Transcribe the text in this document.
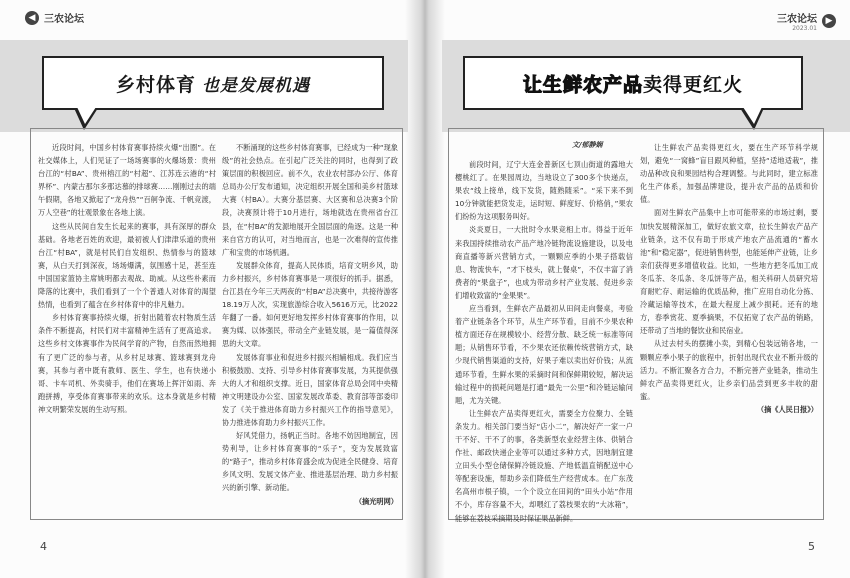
◀ 三农论坛	三农论坛
2023.01
▶
乡村体育 也是发展机遇	让生鲜农产品卖得更红火
文/郁静娴

近段时间，中国乡村体育赛事持续火爆“出圈”。在社交媒体上，人们见证了一场场赛事的火爆场景：贵州台江的“村BA”、贵州榕江的“村超”、江苏连云港的“村界杯”、内蒙古那尔多那达慕的排球赛……刚刚过去的端午假期，各地又掀起了“龙舟热”“百舸争流、千帆竞渡，万人空巷”的壮观景象在各地上演。

这些从民间自发生长起来的赛事，具有深厚的群众基础。各地老百姓的欢迎，最初被人们津津乐道的贵州台江“村BA”，就是村民们自发组织、热情参与的篮球赛，从白天打到深夜，场场爆满，氛围感十足，甚至连中国国家篮协主席姚明都去观战、助威。从这些朴素而降落的比赛中，我们看到了一个个普通人对体育的渴望热情，也看到了蕴含在乡村体育中的非凡魅力。

乡村体育赛事持续火爆，折射出随着农村物质生活条件不断提高，村民们对丰富精神生活有了更高追求。这些乡村文体赛事作为民间学育的产物，自然而然地拥有了更广泛的参与者，从乡村足球赛、篮球赛到龙舟赛，其参与者中既有教师、医生、学生，也有快递小哥、卡车司机、外卖骑手，他们在赛场上挥汗如雨、奔跑拼搏，享受体育赛事带来的欢乐。这本身就是乡村精神文明繁荣发展的生动写照。

不断涌现的这些乡村体育赛事，已经成为一种“现象级”的社会热点。在引起广泛关注的同时，也得到了政策层面的积极回应。前不久，农业农村部办公厅、体育总局办公厅发布通知，决定组织开展全国和美乡村篮球大赛（村BA）。大赛分基层赛、大区赛和总决赛3个阶段，决赛预计将于10月进行，场地就选在贵州省台江县，在“村BA”的发源地展开全国层面的角逐。这是一种来自官方的认可，对当地而言，也是一次难得的宣传推广和宝贵的市场机遇。

发展群众体育，提高人民体质，培育文明乡风，助力乡村振兴，乡村体育赛事是一项很好的抓手。据悉，台江县在今年三天两夜的“村BA”总决赛中，共接待游客18.19万人次，实现旅游综合收入5616万元，比2022年翻了一番。如何更好地发挥乡村体育赛事的作用，以赛为媒、以体强民，带动全产业链发展，是一篇值得深思的大文章。

发展体育事业和促进乡村振兴相辅相成。我们应当积极鼓励、支持、引导乡村体育赛事发展，为其提供强大的人才和组织支撑。近日，国家体育总局会同中央精神文明建设办公室、国家发展改革委、教育部等部委印发了《关于推进体育助力乡村振兴工作的指导意见》，协力推进体育助力乡村振兴工作。

好风凭借力，扬帆正当时。各地不妨因地制宜，因势利导，让乡村体育赛事的“乐子”，变为发展致富的“路子”，推动乡村体育盛会成为促进全民健身、培育乡风文明、发展文体产业、推进基层治理、助力乡村振兴的新引擎、新动能。

（摘光明网）

前段时间，辽宁大连金普新区七顶山街道的露地大樱桃红了。在果园周边，当地设立了300多个快递点，果农“线上接单，线下发货，随熟随采”。“采下来不到10分钟就能把货发走，运时短、鲜度好、价格俏，”果农们纷纷为这项服务叫好。

炎炎夏日，一大批时令水果竞相上市。得益于近年来我国持续推动农产品产地冷链物流设施建设，以及电商直播等新兴营销方式，一颗颗应季的小果子搭载信息、物流快车，“才下枝头，就上餐桌”，不仅丰富了消费者的“果盘子”，也成为带动乡村产业发展、促进乡亲们增收致富的“金果果”。

应当看到，生鲜农产品最初从田间走向餐桌，考验着产业链条各个环节，从生产环节看，目前不少果农种植方面还存在规模较小、经营分散、缺乏统一标准等问题；从销售环节看，不少果农还依赖传统营销方式，缺少现代销售渠道的支持，好果子难以卖出好价钱；从流通环节看，生鲜水果的采摘时间和保鲜期较短，解决运输过程中的损耗问题是打通“最先一公里”和冷链运输问题，尤为关键。

让生鲜农产品卖得更红火，需要全方位聚力、全链条发力。相关部门要当好“店小二”，解决好产一家一户干不好、干不了的事，各类新型农业经营主体、供销合作社、邮政快递企业等可以通过多种方式，因地制宜建立田头小型仓储保鲜冷链设施、产地低温直销配送中心等配套设施，帮助乡亲们降低生产经营成本。在广东茂名高州市根子镇，一个个设立在田间的“田头小站”作用不小，库存容量不大，却喂红了荔枝果农的“大冰箱”，能够在荔枝采摘期及时保证果品新鲜。

让生鲜农产品卖得更红火，要在生产环节科学规划，避免“一窝蜂”盲目跟风种植，坚持“适地适栽”，推动品种改良和果园结构合理调整。与此同时，建立标准化生产体系，加强品牌建设，提升农产品的品质和价值。

面对生鲜农产品集中上市可能带来的市场过剩，要加快发展精深加工，做好农旅文章，拉长生鲜农产品产业链条，这不仅有助于形成产地农产品流通的“蓄水池”和“稳定器”，促进销售转型，也能延伸产业链，让乡亲们获得更多增值收益。比如，一些地方把冬瓜加工成冬瓜茶、冬瓜条、冬瓜饼等产品，相关科研人员研究培育耐贮存、耐运输的优质品种，推广应用自动化分拣、冷藏运输等技术，在最大程度上减少损耗。还有的地方，春季赏花、夏季摘果，不仅拓宽了农产品的销路，还带动了当地的餐饮业和民宿业。

从过去村头的摆摊小卖，到精心包装远销各地，一颗颗应季小果子的旅程中，折射出现代农业不断升级的活力。不断汇聚各方合力，不断完善产业链条，推动生鲜农产品卖得更红火，让乡亲们品尝到更多丰收的甜蜜。

（摘《人民日报》）

4	5
